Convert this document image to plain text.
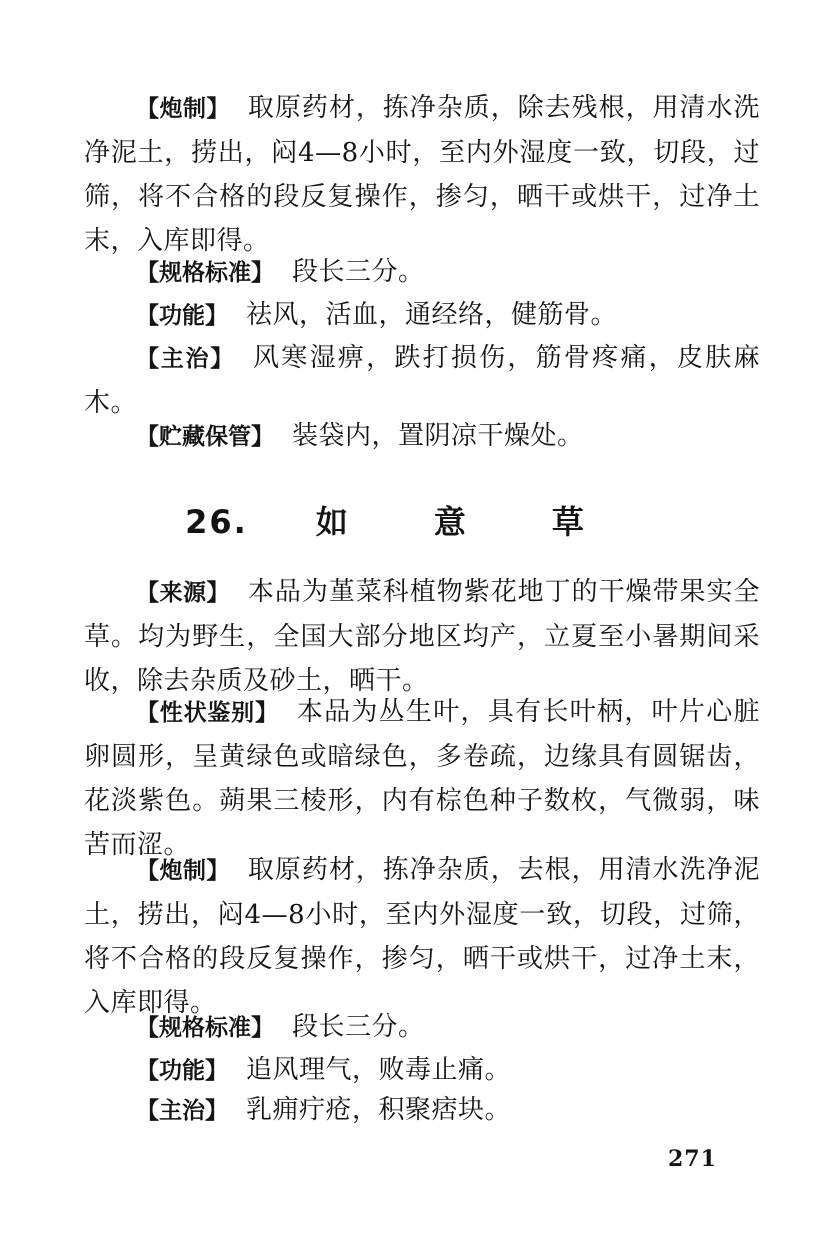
【炮制】 取原药材，拣净杂质，除去残根，用清水洗净泥土，捞出，闷4—8小时，至内外湿度一致，切段，过筛，将不合格的段反复操作，掺匀，晒干或烘干，过净土末，入库即得。

【规格标准】 段长三分。

【功能】 祛风，活血，通经络，健筋骨。

【主治】 风寒湿痹，跌打损伤，筋骨疼痛，皮肤麻木。

【贮藏保管】 装袋内，置阴凉干燥处。

26. 如	意	草

【来源】 本品为堇菜科植物紫花地丁的干燥带果实全草。均为野生，全国大部分地区均产，立夏至小暑期间采收，除去杂质及砂土，晒干。

【性状鉴别】 本品为丛生叶，具有长叶柄，叶片心脏卵圆形，呈黄绿色或暗绿色，多卷疏，边缘具有圆锯齿，花淡紫色。蒴果三棱形，内有棕色种子数枚，气微弱，味苦而涩。

【炮制】 取原药材，拣净杂质，去根，用清水洗净泥土，捞出，闷4—8小时，至内外湿度一致，切段，过筛，将不合格的段反复操作，掺匀，晒干或烘干，过净土末，入库即得。

【规格标准】 段长三分。

【功能】 追风理气，败毒止痛。

【主治】 乳痈疔疮，积聚痞块。

271
